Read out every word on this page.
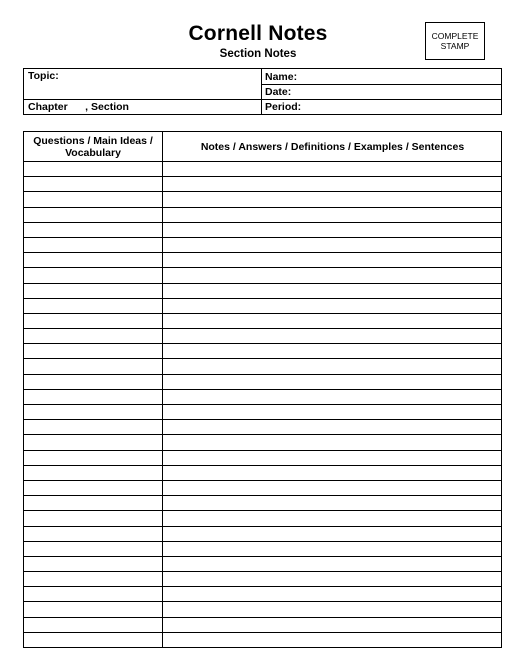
Cornell Notes
Section Notes
COMPLETE
STAMP
Topic:	Name:
Date:
Chapter      , Section	Period:
Questions / Main Ideas / Vocabulary	Notes / Answers / Definitions / Examples / Sentences
